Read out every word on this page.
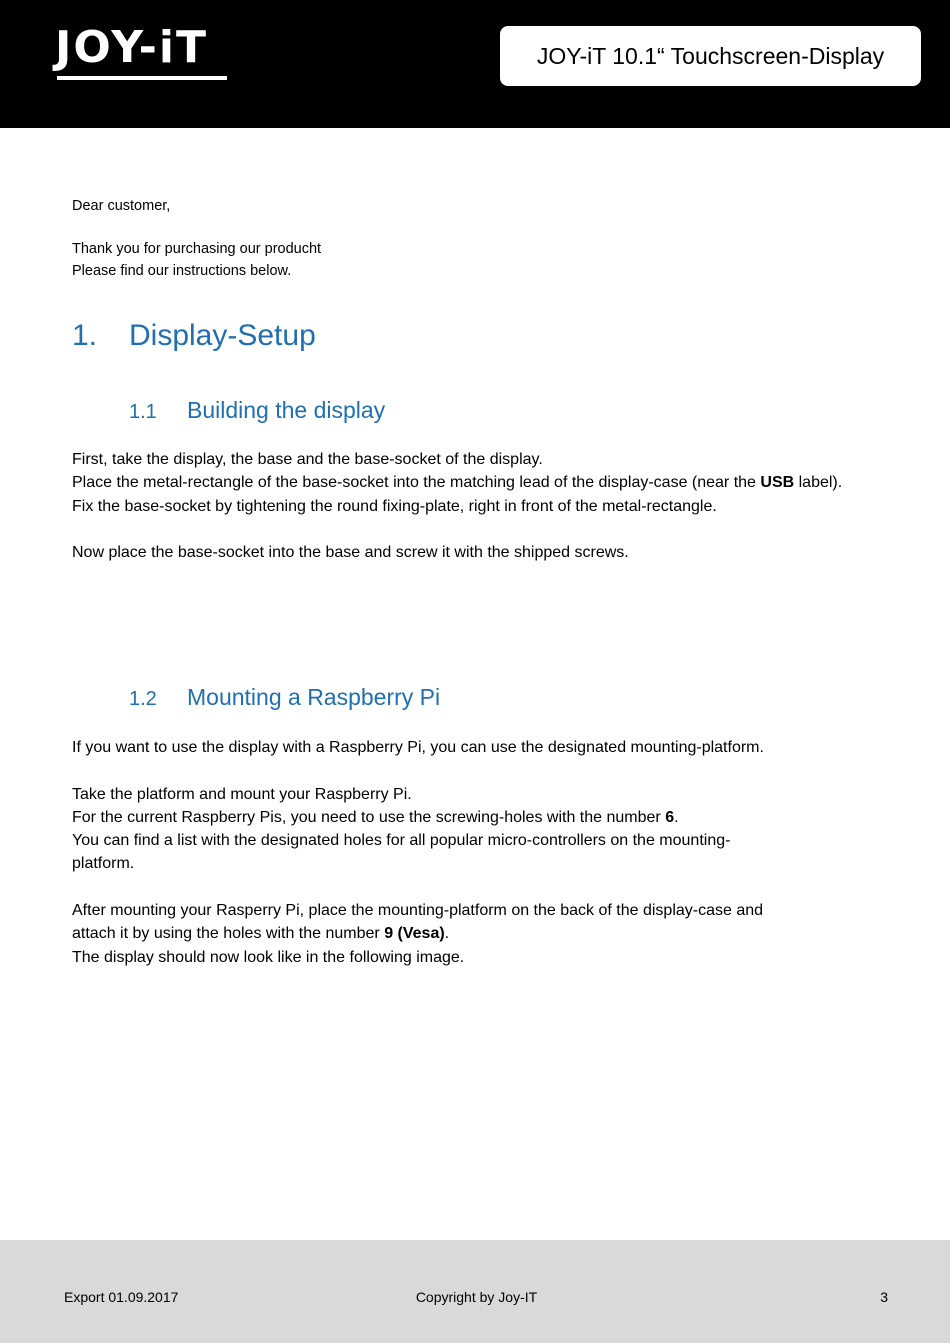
JOY-iT	JOY-iT 10.1“ Touchscreen-Display
Dear customer,
Thank you for purchasing our producht
Please find our instructions below.
1. Display-Setup
1.1 Building the display

First, take the display, the base and the base-socket of the display.

Place the metal-rectangle of the base-socket into the matching lead of the display-case (near the USB label).

Fix the base-socket by tightening the round fixing-plate, right in front of the metal-rectangle.

Now place the base-socket into the base and screw it with the shipped screws.

1.2 Mounting a Raspberry Pi

If you want to use the display with a Raspberry Pi, you can use the designated mounting-platform.

Take the platform and mount your Raspberry Pi.

For the current Raspberry Pis, you need to use the screwing-holes with the number 6.

You can find a list with the designated holes for all popular micro-controllers on the mounting-

platform.

After mounting your Rasperry Pi, place the mounting-platform on the back of the display-case and

attach it by using the holes with the number 9 (Vesa).

The display should now look like in the following image.

Export 01.09.2017	Copyright by Joy-IT	3
